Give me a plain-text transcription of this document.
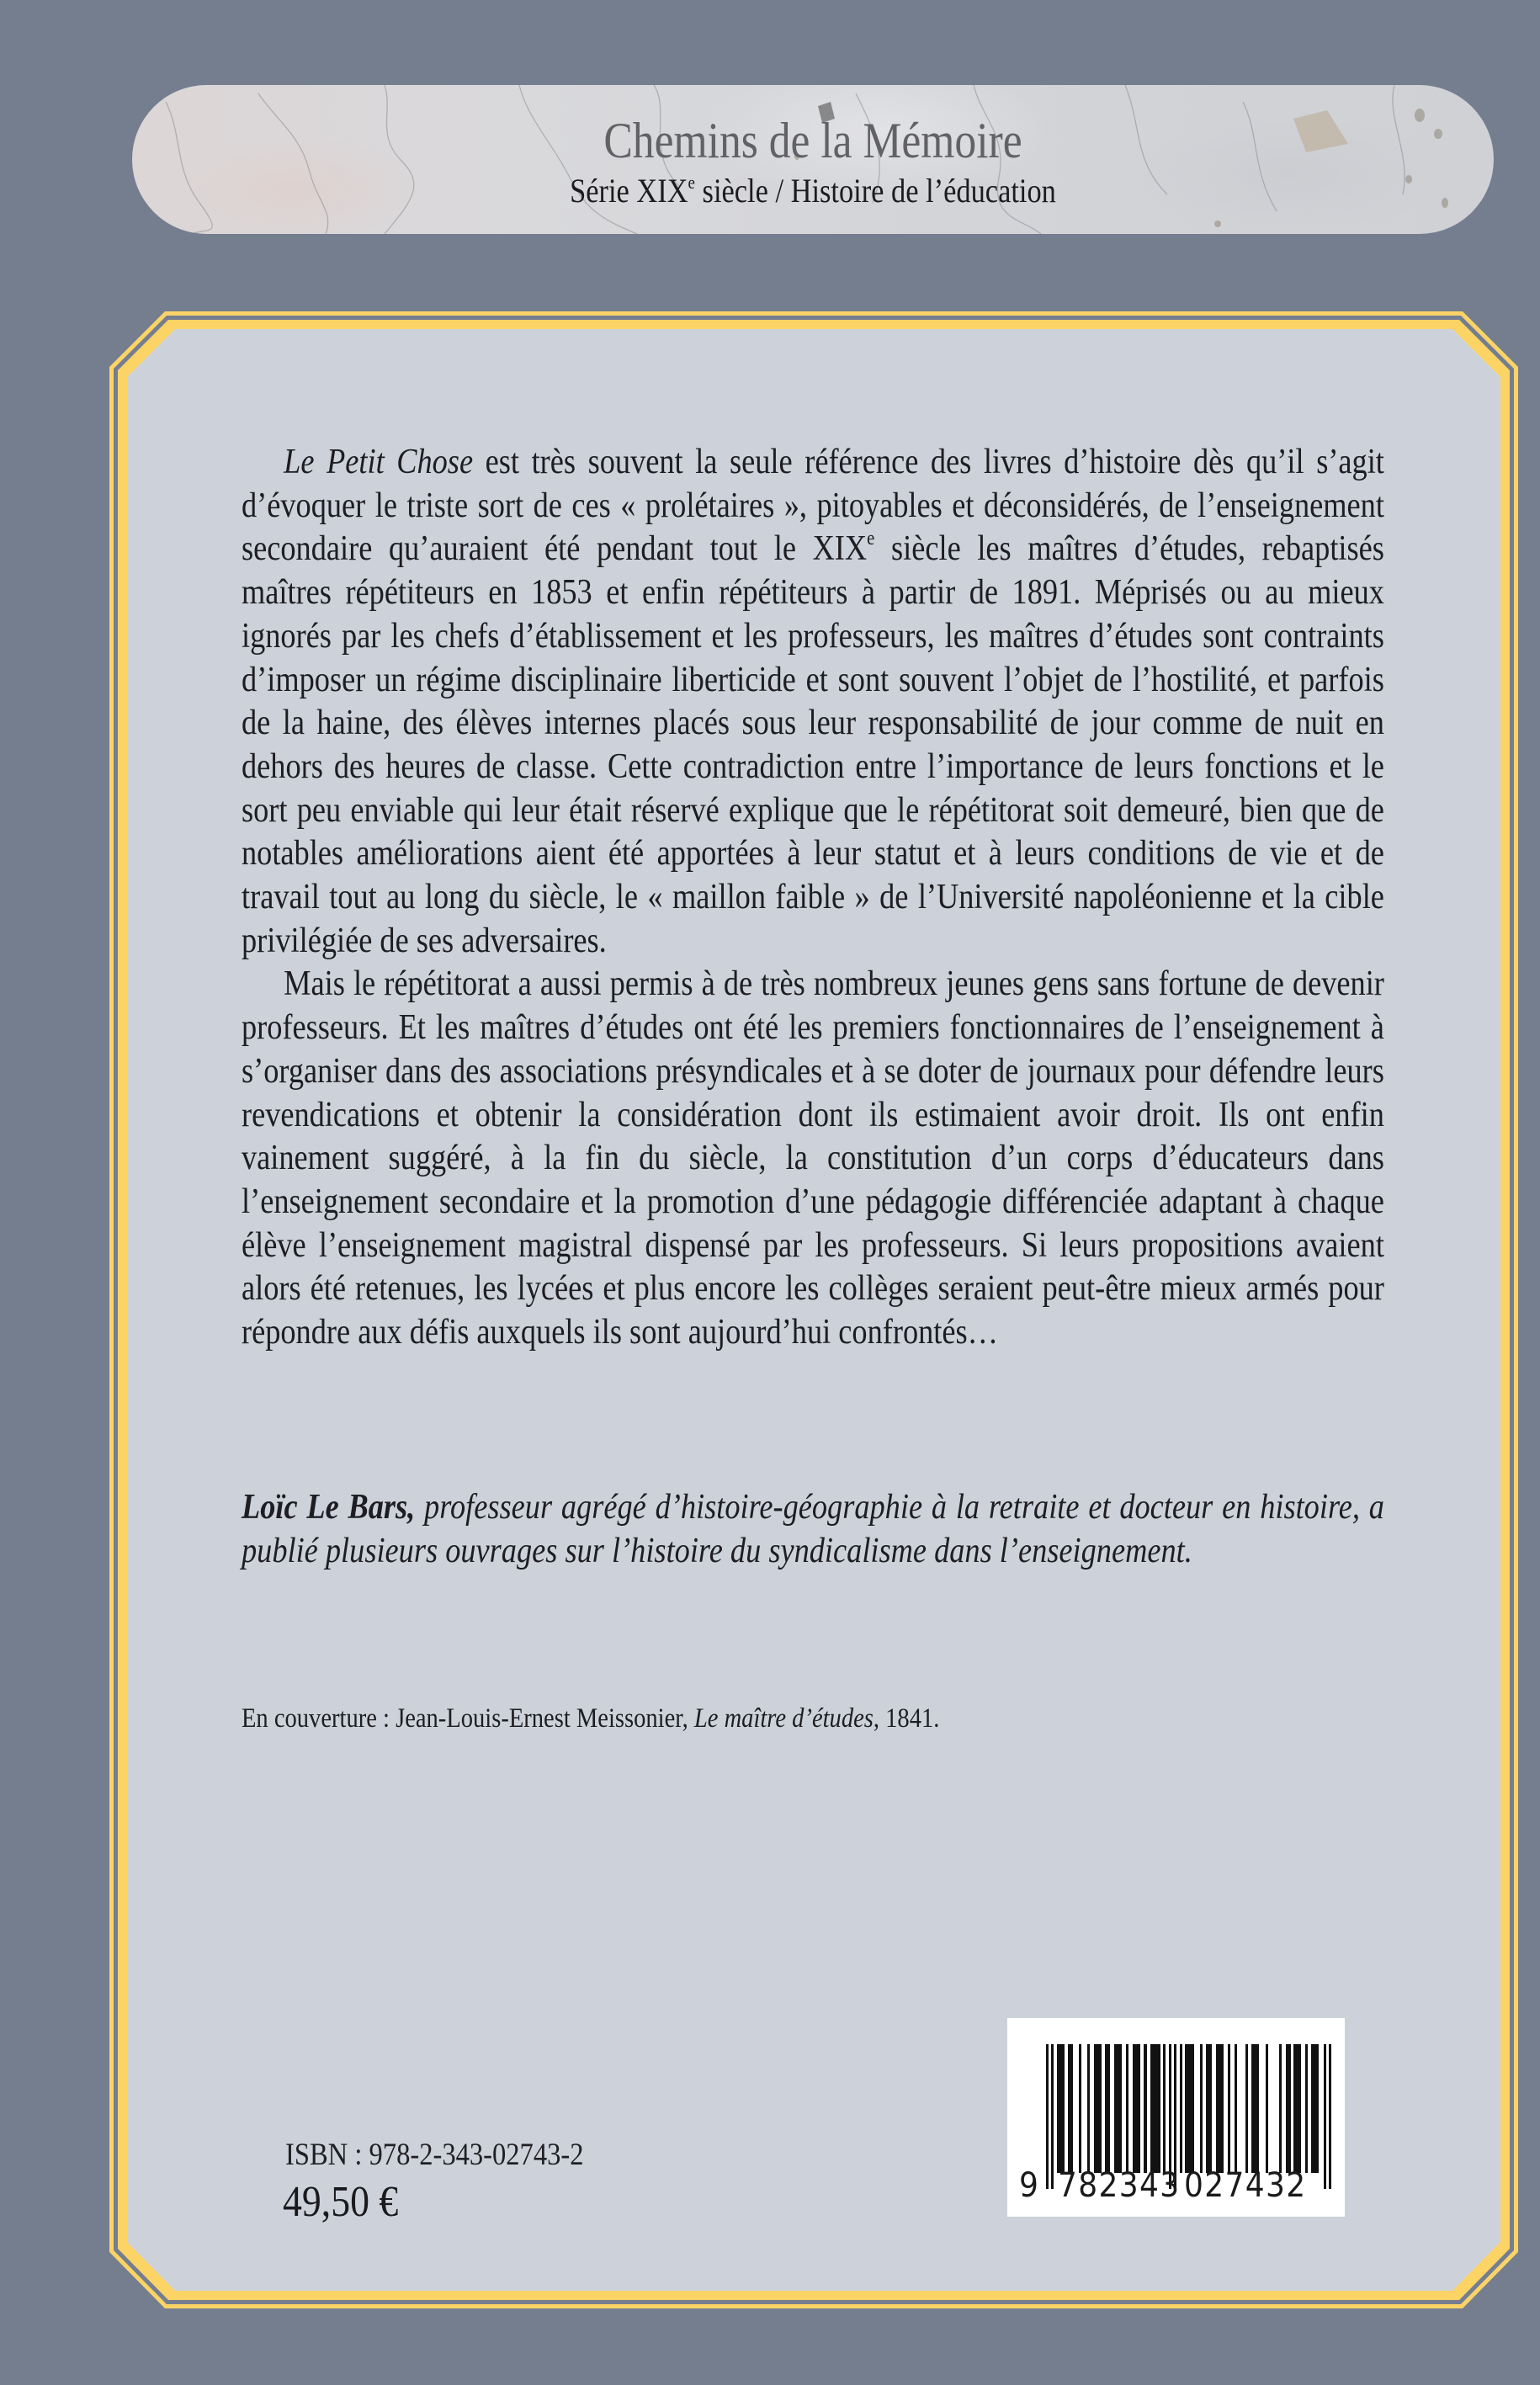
Chemins de la Mémoire
Série XIXe siècle / Histoire de l’éducation

Le Petit Chose est très souvent la seule référence des livres d’histoire dès qu’il s’agit d’évoquer le triste sort de ces « prolétaires », pitoyables et déconsidérés, de l’enseignement secondaire qu’auraient été pendant tout le XIXe siècle les maîtres d’études, rebaptisés maîtres répétiteurs en 1853 et enfin répétiteurs à partir de 1891. Méprisés ou au mieux ignorés par les chefs d’établissement et les professeurs, les maîtres d’études sont contraints d’imposer un régime disciplinaire liberticide et sont souvent l’objet de l’hostilité, et parfois de la haine, des élèves internes placés sous leur responsabilité de jour comme de nuit en dehors des heures de classe. Cette contradiction entre l’importance de leurs fonctions et le sort peu enviable qui leur était réservé explique que le répétitorat soit demeuré, bien que de notables améliorations aient été apportées à leur statut et à leurs conditions de vie et de travail tout au long du siècle, le « maillon faible » de l’Université napoléonienne et la cible privilégiée de ses adversaires.

Mais le répétitorat a aussi permis à de très nombreux jeunes gens sans fortune de devenir professeurs. Et les maîtres d’études ont été les premiers fonctionnaires de l’enseignement à s’organiser dans des associations présyndicales et à se doter de journaux pour défendre leurs revendications et obtenir la considération dont ils estimaient avoir droit. Ils ont enfin vainement suggéré, à la fin du siècle, la constitution d’un corps d’éducateurs dans l’enseignement secondaire et la promotion d’une pédagogie différenciée adaptant à chaque élève l’enseignement magistral dispensé par les professeurs. Si leurs propositions avaient alors été retenues, les lycées et plus encore les collèges seraient peut-être mieux armés pour répondre aux défis auxquels ils sont aujourd’hui confrontés…

Loïc Le Bars, professeur agrégé d’histoire-géographie à la retraite et docteur en histoire, a publié plusieurs ouvrages sur l’histoire du syndicalisme dans l’enseignement.

En couverture : Jean-Louis-Ernest Meissonier, Le maître d’études, 1841.
ISBN : 978-2-343-02743-2
49,50 €	9 782343 027432
